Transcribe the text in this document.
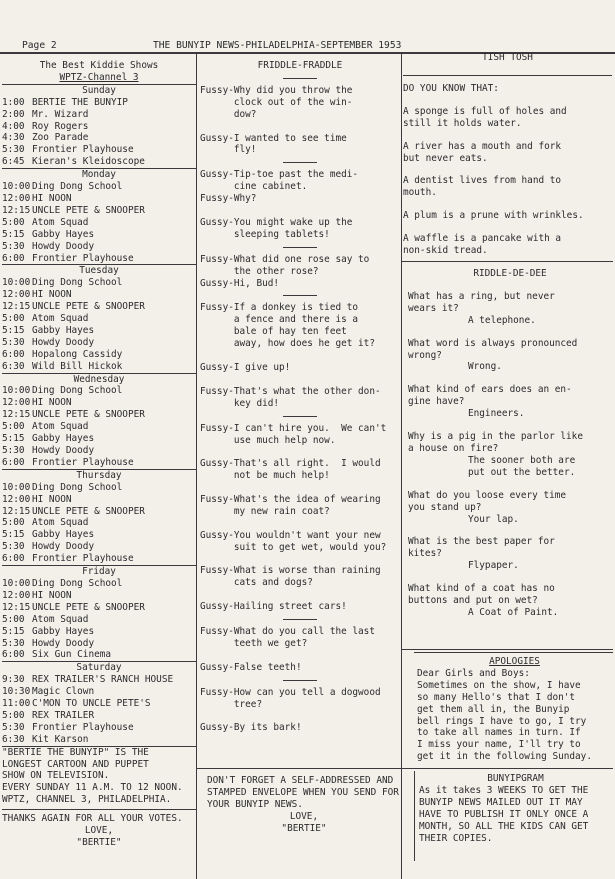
Page 2	THE BUNYIP NEWS-PHILADELPHIA-SEPTEMBER 1953
The Best Kiddie Shows
WPTZ-Channel 3
Sunday
1:00 BERTIE THE BUNYIP
2:00 Mr. Wizard
4:00 Roy Rogers
4:30 Zoo Parade
5:30 Frontier Playhouse
6:45 Kieran's Kleidoscope
Monday
10:00 Ding Dong School
12:00 HI NOON
12:15 UNCLE PETE & SNOOPER
5:00 Atom Squad
5:15 Gabby Hayes
5:30 Howdy Doody
6:00 Frontier Playhouse
Tuesday
10:00 Ding Dong School
12:00 HI NOON
12:15 UNCLE PETE & SNOOPER
5:00 Atom Squad
5:15 Gabby Hayes
5:30 Howdy Doody
6:00 Hopalong Cassidy
6:30 Wild Bill Hickok
Wednesday
10:00 Ding Dong School
12:00 HI NOON
12:15 UNCLE PETE & SNOOPER
5:00 Atom Squad
5:15 Gabby Hayes
5:30 Howdy Doody
6:00 Frontier Playhouse
Thursday
10:00 Ding Dong School
12:00 HI NOON
12:15 UNCLE PETE & SNOOPER
5:00 Atom Squad
5:15 Gabby Hayes
5:30 Howdy Doody
6:00 Frontier Playhouse
Friday
10:00 Ding Dong School
12:00 HI NOON
12:15 UNCLE PETE & SNOOPER
5:00 Atom Squad
5:15 Gabby Hayes
5:30 Howdy Doody
6:00 Six Gun Cinema
Saturday
9:30 REX TRAILER'S RANCH HOUSE
10:30 Magic Clown
11:00 C'MON TO UNCLE PETE'S
5:00 REX TRAILER
5:30 Frontier Playhouse
6:30 Kit Karson
"BERTIE THE BUNYIP" IS THE
LONGEST CARTOON AND PUPPET
SHOW ON TELEVISION.
EVERY SUNDAY 11 A.M. TO 12 NOON.
WPTZ, CHANNEL 3, PHILADELPHIA.
THANKS AGAIN FOR ALL YOUR VOTES.
LOVE,
"BERTIE"
FRIDDLE-FRADDLE
Fussy-Why did you throw the
clock out of the win-
dow?
Gussy-I wanted to see time
fly!
Gussy-Tip-toe past the medi-
cine cabinet.
Fussy-Why?
Gussy-You might wake up the
sleeping tablets!
Fussy-What did one rose say to
the other rose?
Gussy-Hi, Bud!
Fussy-If a donkey is tied to
a fence and there is a
bale of hay ten feet
away, how does he get it?
Gussy-I give up!
Fussy-That's what the other don-
key did!
Fussy-I can't hire you.  We can't
use much help now.
Gussy-That's all right.  I would
not be much help!
Fussy-What's the idea of wearing
my new rain coat?
Gussy-You wouldn't want your new
suit to get wet, would you?
Fussy-What is worse than raining
cats and dogs?
Gussy-Hailing street cars!
Fussy-What do you call the last
teeth we get?
Gussy-False teeth!
Fussy-How can you tell a dogwood
tree?
Gussy-By its bark!
DON'T FORGET A SELF-ADDRESSED AND
STAMPED ENVELOPE WHEN YOU SEND FOR
YOUR BUNYIP NEWS.
LOVE,
"BERTIE"
TISH TOSH
DO YOU KNOW THAT:
A sponge is full of holes and
still it holds water.
A river has a mouth and fork
but never eats.
A dentist lives from hand to
mouth.
A plum is a prune with wrinkles.
A waffle is a pancake with a
non-skid tread.
RIDDLE-DE-DEE
What has a ring, but never
wears it?
A telephone.
What word is always pronounced
wrong?
Wrong.
What kind of ears does an en-
gine have?
Engineers.
Why is a pig in the parlor like
a house on fire?
The sooner both are
put out the better.
What do you loose every time
you stand up?
Your lap.
What is the best paper for
kites?
Flypaper.
What kind of a coat has no
buttons and put on wet?
A Coat of Paint.
APOLOGIES
Dear Girls and Boys:
Sometimes on the show, I have
so many Hello's that I don't
get them all in, the Bunyip
bell rings I have to go, I try
to take all names in turn. If
I miss your name, I'll try to
get it in the following Sunday.
BUNYIPGRAM
As it takes 3 WEEKS TO GET THE
BUNYIP NEWS MAILED OUT IT MAY
HAVE TO PUBLISH IT ONLY ONCE A
MONTH, SO ALL THE KIDS CAN GET
THEIR COPIES.
